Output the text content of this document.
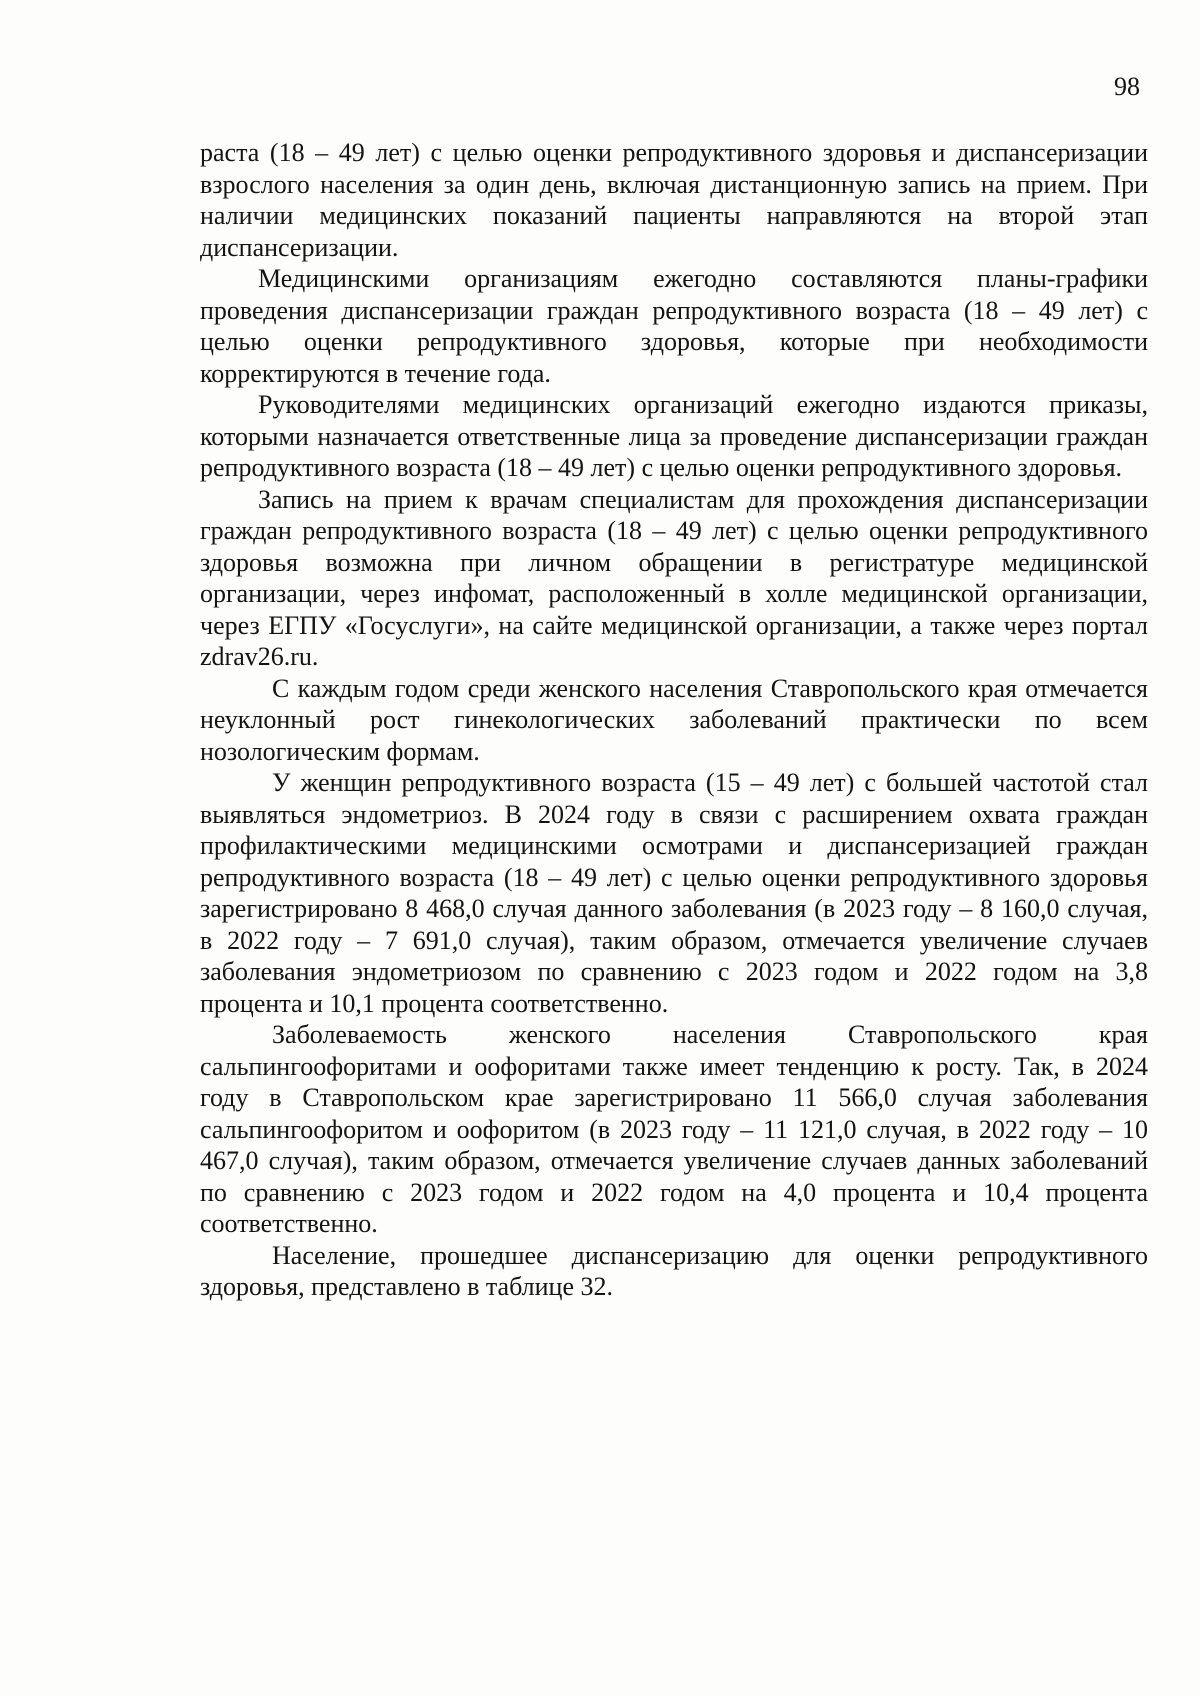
98

раста (18 – 49 лет) с целью оценки репродуктивного здоровья и диспансеризации взрослого населения за один день, включая дистанционную запись на прием. При наличии медицинских показаний пациенты направляются на второй этап диспансеризации.

Медицинскими организациям ежегодно составляются планы-графики проведения диспансеризации граждан репродуктивного возраста (18 – 49 лет) с целью оценки репродуктивного здоровья, которые при необходимости корректируются в течение года.

Руководителями медицинских организаций ежегодно издаются приказы, которыми назначается ответственные лица за проведение диспансеризации граждан репродуктивного возраста (18 – 49 лет) с целью оценки репродуктивного здоровья.

Запись на прием к врачам специалистам для прохождения диспансеризации граждан репродуктивного возраста (18 – 49 лет) с целью оценки репродуктивного здоровья возможна при личном обращении в регистратуре медицинской организации, через инфомат, расположенный в холле медицинской организации, через ЕГПУ «Госуслуги», на сайте медицинской организации, а также через портал zdrav26.ru.

С каждым годом среди женского населения Ставропольского края отмечается неуклонный рост гинекологических заболеваний практически по всем нозологическим формам.

У женщин репродуктивного возраста (15 – 49 лет) с большей частотой стал выявляться эндометриоз. В 2024 году в связи с расширением охвата граждан профилактическими медицинскими осмотрами и диспансеризацией граждан репродуктивного возраста (18 – 49 лет) с целью оценки репродуктивного здоровья зарегистрировано 8 468,0 случая данного заболевания (в 2023 году – 8 160,0 случая, в 2022 году – 7 691,0 случая), таким образом, отмечается увеличение случаев заболевания эндометриозом по сравнению с 2023 годом и 2022 годом на 3,8 процента и 10,1 процента соответственно.

Заболеваемость женского населения Ставропольского края сальпингоофоритами и оофоритами также имеет тенденцию к росту. Так, в 2024 году в Ставропольском крае зарегистрировано 11 566,0 случая заболевания сальпингоофоритом и оофоритом (в 2023 году – 11 121,0 случая, в 2022 году – 10 467,0 случая), таким образом, отмечается увеличение случаев данных заболеваний по сравнению с 2023 годом и 2022 годом на 4,0 процента и 10,4 процента соответственно.

Население, прошедшее диспансеризацию для оценки репродуктивного здоровья, представлено в таблице 32.
